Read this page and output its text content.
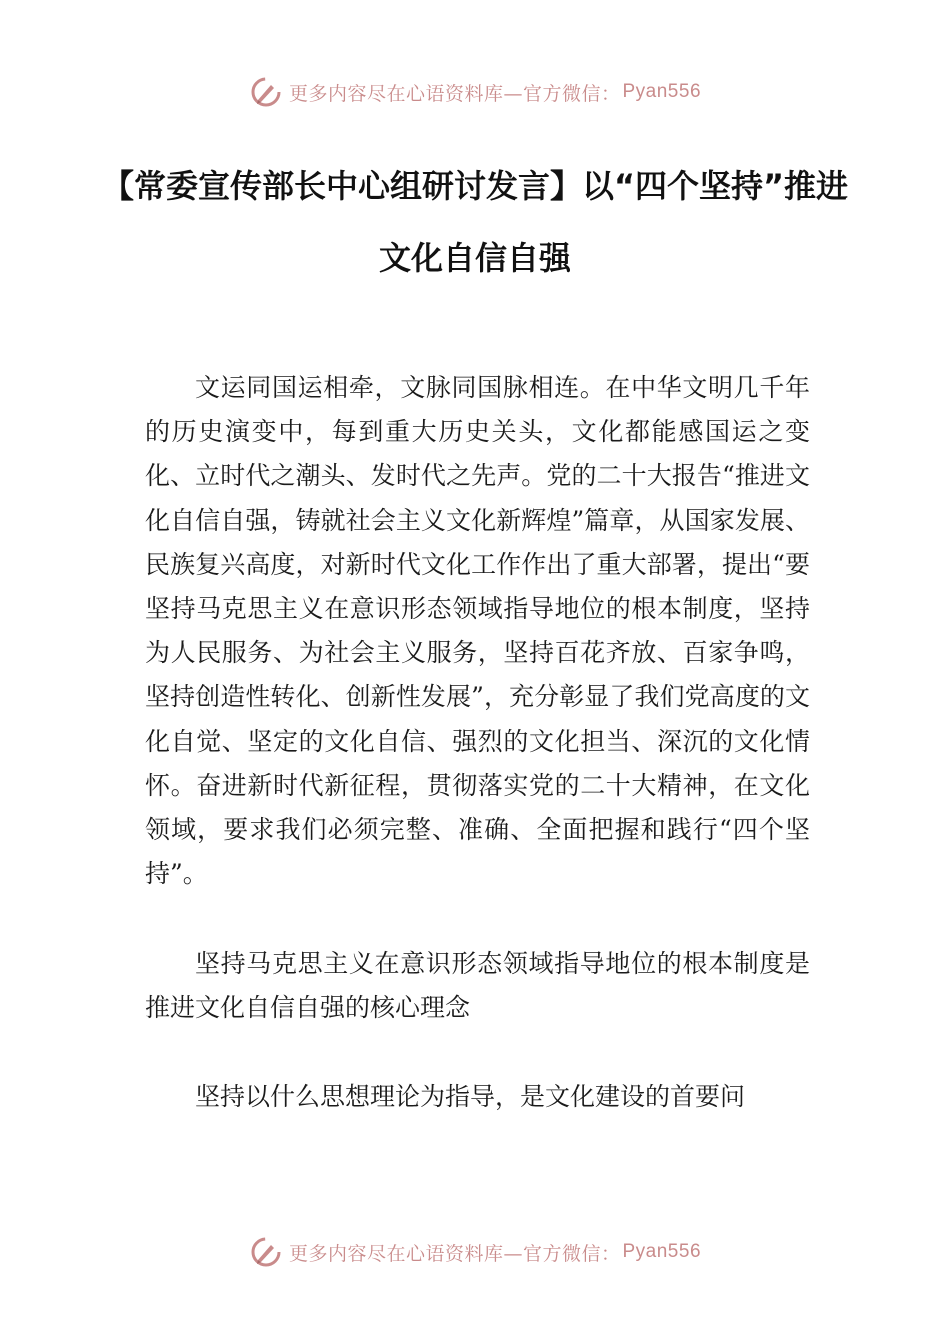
更多内容尽在心语资料库—官方微信： Pyan556
【常委宣传部长中心组研讨发言】以“四个坚持”推进文化自信自强

文运同国运相牵，文脉同国脉相连。在中华文明几千年的历史演变中，每到重大历史关头，文化都能感国运之变化、立时代之潮头、发时代之先声。党的二十大报告“推进文化自信自强，铸就社会主义文化新辉煌”篇章，从国家发展、民族复兴高度，对新时代文化工作作出了重大部署，提出“要坚持马克思主义在意识形态领域指导地位的根本制度，坚持为人民服务、为社会主义服务，坚持百花齐放、百家争鸣，坚持创造性转化、创新性发展”，充分彰显了我们党高度的文化自觉、坚定的文化自信、强烈的文化担当、深沉的文化情怀。奋进新时代新征程，贯彻落实党的二十大精神，在文化领域，要求我们必须完整、准确、全面把握和践行“四个坚持”。

坚持马克思主义在意识形态领域指导地位的根本制度是推进文化自信自强的核心理念

坚持以什么思想理论为指导，是文化建设的首要问

更多内容尽在心语资料库—官方微信： Pyan556
